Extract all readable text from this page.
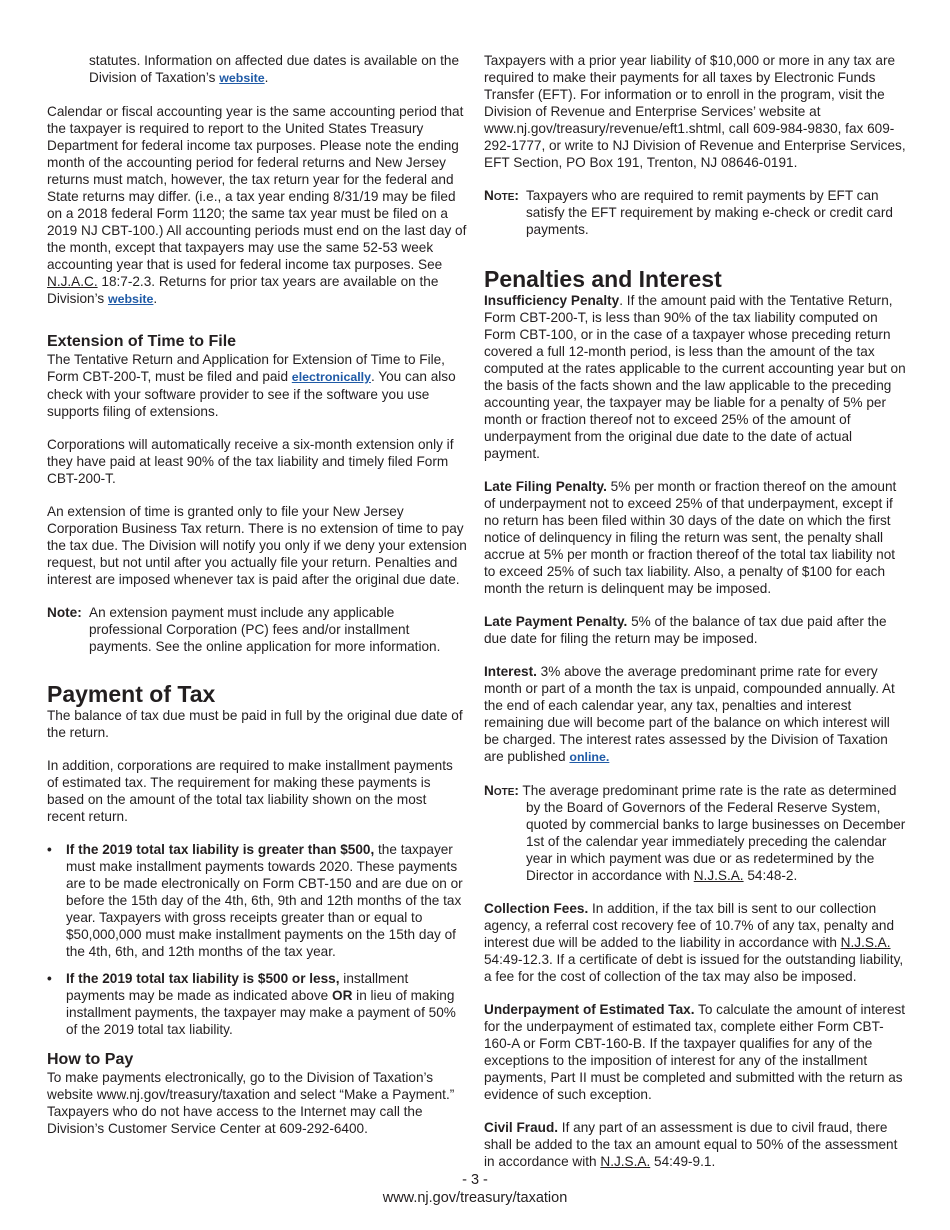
statutes. Information on affected due dates is available on the Division of Taxation’s website.

Calendar or fiscal accounting year is the same accounting period that the taxpayer is required to report to the United States Treasury Department for federal income tax purposes. Please note the ending month of the accounting period for federal returns and New Jersey returns must match, however, the tax return year for the federal and State returns may differ. (i.e., a tax year ending 8/31/19 may be filed on a 2018 federal Form 1120; the same tax year must be filed on a 2019 NJ CBT-100.) All accounting periods must end on the last day of the month, except that taxpayers may use the same 52-53 week accounting year that is used for federal income tax purposes. See N.J.A.C. 18:7-2.3. Returns for prior tax years are available on the Division’s website.

Extension of Time to File

The Tentative Return and Application for Extension of Time to File, Form CBT-200-T, must be filed and paid electronically. You can also check with your software provider to see if the software you use supports filing of extensions.

Corporations will automatically receive a six-month extension only if they have paid at least 90% of the tax liability and timely filed Form CBT-200-T.

An extension of time is granted only to file your New Jersey Corporation Business Tax return. There is no extension of time to pay the tax due. The Division will notify you only if we deny your extension request, but not until after you actually file your return. Penalties and interest are imposed whenever tax is paid after the original due date.

Note: An extension payment must include any applicable professional Corporation (PC) fees and/or installment payments. See the online application for more information.
Payment of Tax

The balance of tax due must be paid in full by the original due date of the return.

In addition, corporations are required to make installment payments of estimated tax. The requirement for making these payments is based on the amount of the total tax liability shown on the most recent return.

• If the 2019 total tax liability is greater than $500, the taxpayer must make installment payments towards 2020. These payments are to be made electronically on Form CBT-150 and are due on or before the 15th day of the 4th, 6th, 9th and 12th months of the tax year. Taxpayers with gross receipts greater than or equal to $50,000,000 must make installment payments on the 15th day of the 4th, 6th, and 12th months of the tax year.
• If the 2019 total tax liability is $500 or less, installment payments may be made as indicated above OR in lieu of making installment payments, the taxpayer may make a payment of 50% of the 2019 total tax liability.
How to Pay

To make payments electronically, go to the Division of Taxation’s website www.nj.gov/treasury/taxation and select “Make a Payment.” Taxpayers who do not have access to the Internet may call the Division’s Customer Service Center at 609-292-6400.

Taxpayers with a prior year liability of $10,000 or more in any tax are required to make their payments for all taxes by Electronic Funds Transfer (EFT). For information or to enroll in the program, visit the Division of Revenue and Enterprise Services’ website at www.nj.gov/treasury/revenue/eft1.shtml, call 609-984-9830, fax 609-292-1777, or write to NJ Division of Revenue and Enterprise Services, EFT Section, PO Box 191, Trenton, NJ 08646-0191.

Note: Taxpayers who are required to remit payments by EFT can satisfy the EFT requirement by making e-check or credit card payments.
Penalties and Interest

Insufficiency Penalty. If the amount paid with the Tentative Return, Form CBT-200-T, is less than 90% of the tax liability computed on Form CBT-100, or in the case of a taxpayer whose preceding return covered a full 12-month period, is less than the amount of the tax computed at the rates applicable to the current accounting year but on the basis of the facts shown and the law applicable to the preceding accounting year, the taxpayer may be liable for a penalty of 5% per month or fraction thereof not to exceed 25% of the amount of underpayment from the original due date to the date of actual payment.

Late Filing Penalty. 5% per month or fraction thereof on the amount of underpayment not to exceed 25% of that underpayment, except if no return has been filed within 30 days of the date on which the first notice of delinquency in filing the return was sent, the penalty shall accrue at 5% per month or fraction thereof of the total tax liability not to exceed 25% of such tax liability. Also, a penalty of $100 for each month the return is delinquent may be imposed.

Late Payment Penalty. 5% of the balance of tax due paid after the due date for filing the return may be imposed.

Interest. 3% above the average predominant prime rate for every month or part of a month the tax is unpaid, compounded annually. At the end of each calendar year, any tax, penalties and interest remaining due will become part of the balance on which interest will be charged. The interest rates assessed by the Division of Taxation are published online.

Note: The average predominant prime rate is the rate as determined by the Board of Governors of the Federal Reserve System, quoted by commercial banks to large businesses on December 1st of the calendar year immediately preceding the calendar year in which payment was due or as redetermined by the Director in accordance with N.J.S.A. 54:48-2.

Collection Fees. In addition, if the tax bill is sent to our collection agency, a referral cost recovery fee of 10.7% of any tax, penalty and interest due will be added to the liability in accordance with N.J.S.A. 54:49-12.3. If a certificate of debt is issued for the outstanding liability, a fee for the cost of collection of the tax may also be imposed.

Underpayment of Estimated Tax. To calculate the amount of interest for the underpayment of estimated tax, complete either Form CBT-160-A or Form CBT-160-B. If the taxpayer qualifies for any of the exceptions to the imposition of interest for any of the installment payments, Part II must be completed and submitted with the return as evidence of such exception.

Civil Fraud. If any part of an assessment is due to civil fraud, there shall be added to the tax an amount equal to 50% of the assessment in accordance with N.J.S.A. 54:49-9.1.

- 3 -
www.nj.gov/treasury/taxation
